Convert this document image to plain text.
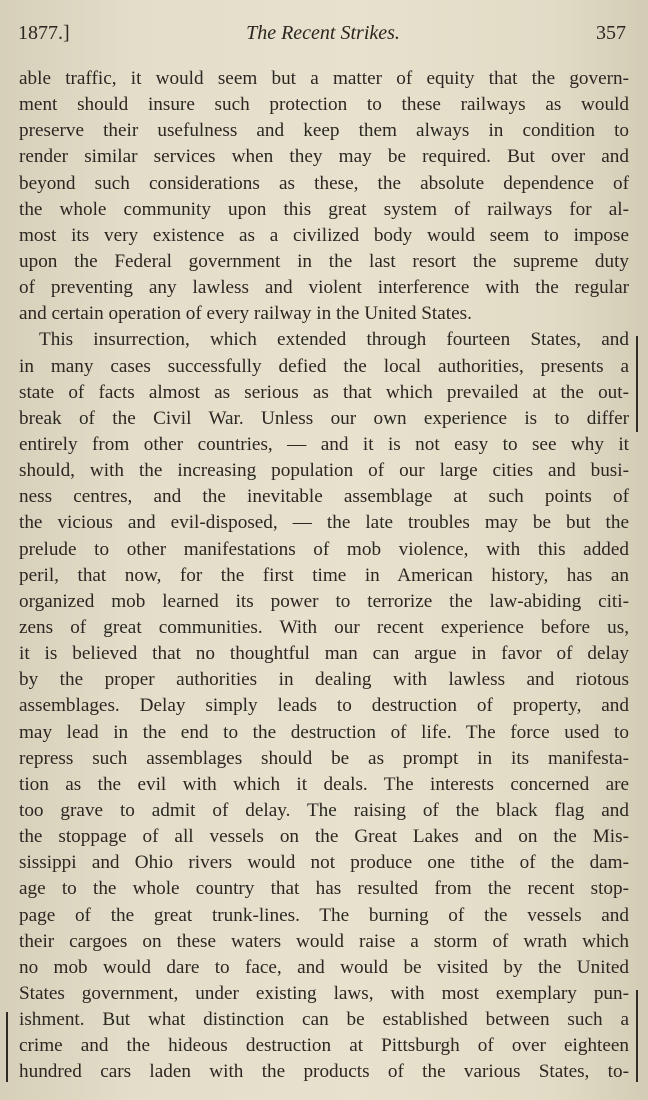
1877.]	The Recent Strikes.	357
able traffic, it would seem but a matter of equity that the govern-
ment should insure such protection to these railways as would
preserve their usefulness and keep them always in condition to
render similar services when they may be required. But over and
beyond such considerations as these, the absolute dependence of
the whole community upon this great system of railways for al-
most its very existence as a civilized body would seem to impose
upon the Federal government in the last resort the supreme duty
of preventing any lawless and violent interference with the regular
and certain operation of every railway in the United States.
This insurrection, which extended through fourteen States, and
in many cases successfully defied the local authorities, presents a
state of facts almost as serious as that which prevailed at the out-
break of the Civil War. Unless our own experience is to differ
entirely from other countries, — and it is not easy to see why it
should, with the increasing population of our large cities and busi-
ness centres, and the inevitable assemblage at such points of
the vicious and evil-disposed, — the late troubles may be but the
prelude to other manifestations of mob violence, with this added
peril, that now, for the first time in American history, has an
organized mob learned its power to terrorize the law-abiding citi-
zens of great communities. With our recent experience before us,
it is believed that no thoughtful man can argue in favor of delay
by the proper authorities in dealing with lawless and riotous
assemblages. Delay simply leads to destruction of property, and
may lead in the end to the destruction of life. The force used to
repress such assemblages should be as prompt in its manifesta-
tion as the evil with which it deals. The interests concerned are
too grave to admit of delay. The raising of the black flag and
the stoppage of all vessels on the Great Lakes and on the Mis-
sissippi and Ohio rivers would not produce one tithe of the dam-
age to the whole country that has resulted from the recent stop-
page of the great trunk-lines. The burning of the vessels and
their cargoes on these waters would raise a storm of wrath which
no mob would dare to face, and would be visited by the United
States government, under existing laws, with most exemplary pun-
ishment. But what distinction can be established between such a
crime and the hideous destruction at Pittsburgh of over eighteen
hundred cars laden with the products of the various States, to-
